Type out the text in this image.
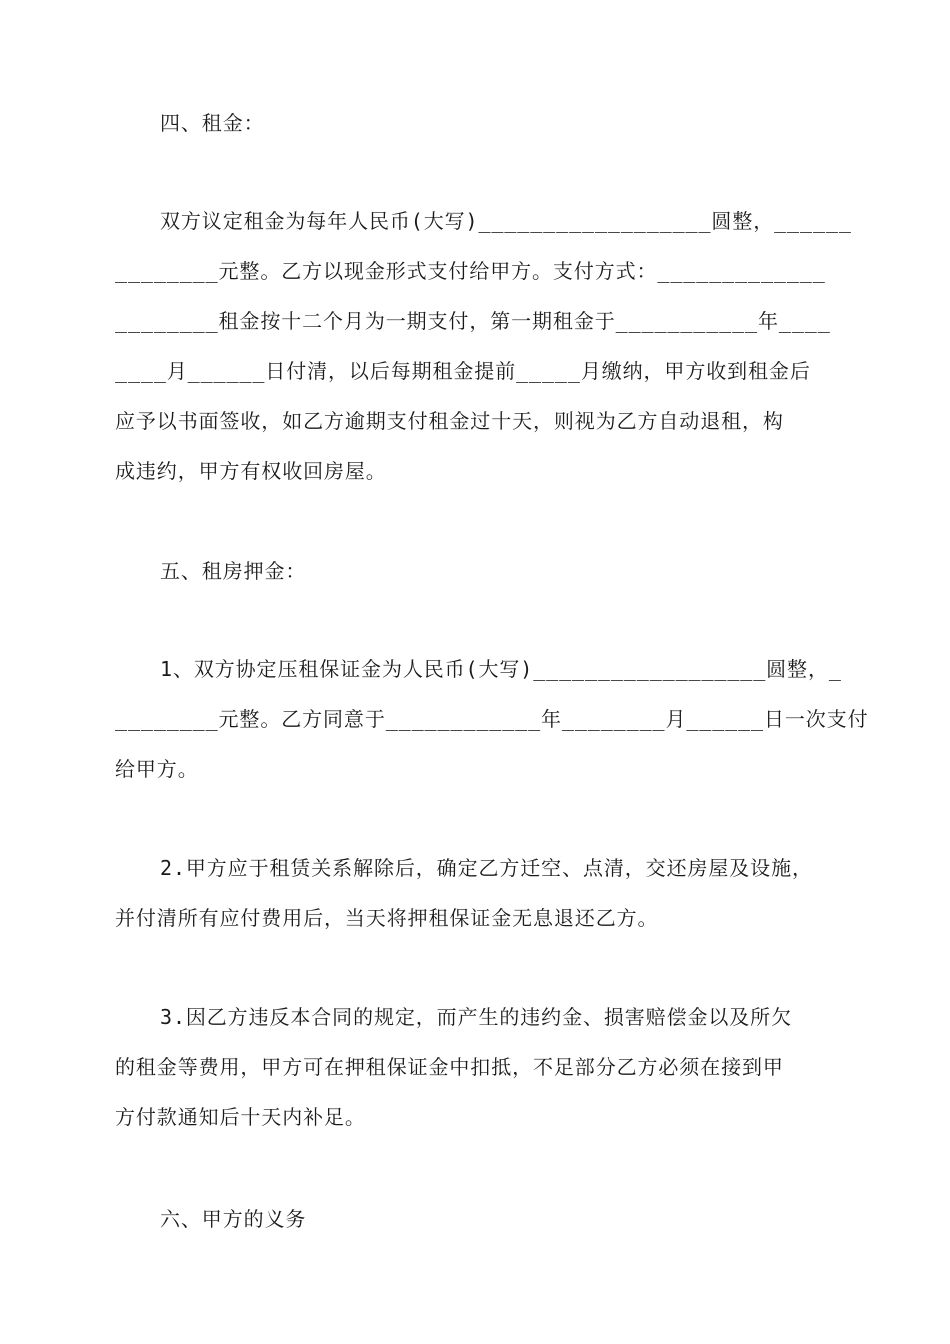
四、租金：
双方议定租金为每年人民币(大写)__________________圆整，______
________元整。乙方以现金形式支付给甲方。支付方式：_____________
________租金按十二个月为一期支付，第一期租金于___________年____
____月______日付清，以后每期租金提前_____月缴纳，甲方收到租金后
应予以书面签收，如乙方逾期支付租金过十天，则视为乙方自动退租，构
成违约，甲方有权收回房屋。
五、租房押金：
1、双方协定压租保证金为人民币(大写)__________________圆整，_
________元整。乙方同意于____________年________月______日一次支付
给甲方。
2.甲方应于租赁关系解除后，确定乙方迁空、点清，交还房屋及设施，
并付清所有应付费用后，当天将押租保证金无息退还乙方。
3.因乙方违反本合同的规定，而产生的违约金、损害赔偿金以及所欠
的租金等费用，甲方可在押租保证金中扣抵，不足部分乙方必须在接到甲
方付款通知后十天内补足。
六、甲方的义务
